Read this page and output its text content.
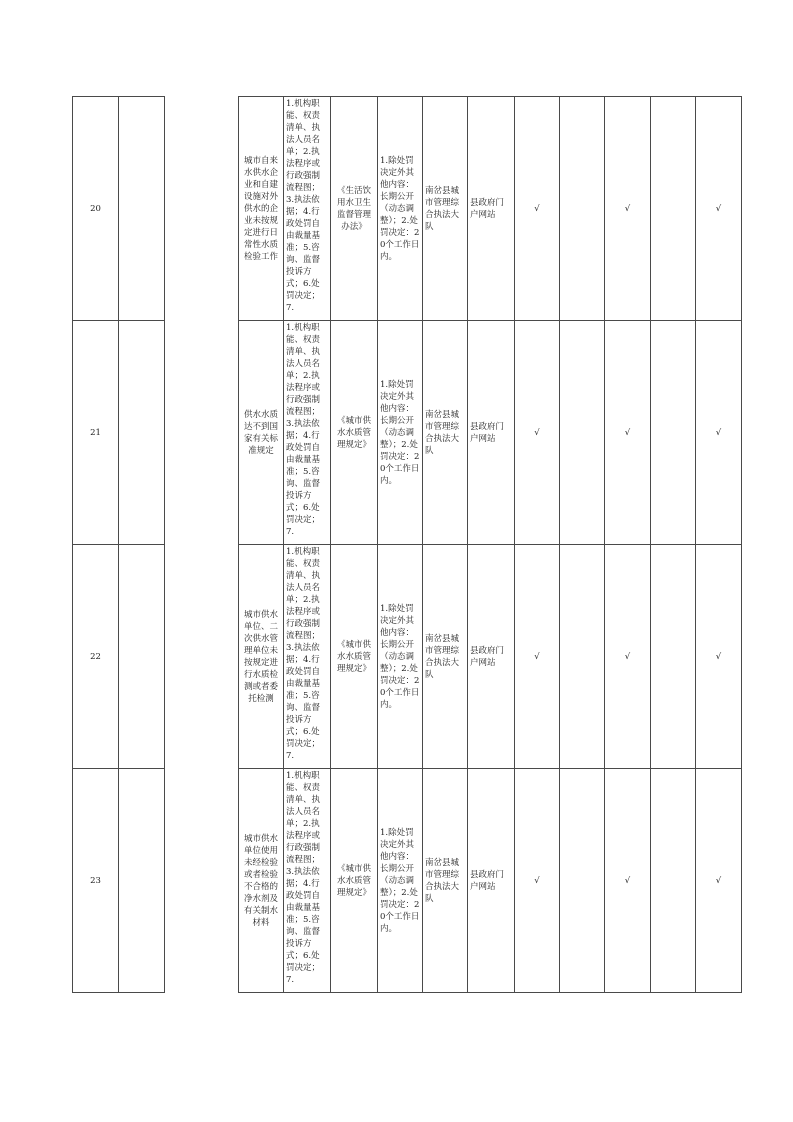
20			城市自来水供水企业和自建设施对外供水的企业未按规定进行日常性水质检验工作	1.机构职能、权责清单、执法人员名单；2.执法程序或行政强制流程图；3.执法依据；4.行政处罚自由裁量基准；5.咨询、监督投诉方式；6.处罚决定；7.	《生活饮用水卫生监督管理办法》	1.除处罚决定外其他内容：长期公开（动态调整）；2.处罚决定：20个工作日内。	南岔县城市管理综合执法大队	县政府门户网站	√		√		√
21			供水水质达不到国家有关标准规定	1.机构职能、权责清单、执法人员名单；2.执法程序或行政强制流程图；3.执法依据；4.行政处罚自由裁量基准；5.咨询、监督投诉方式；6.处罚决定；7.	《城市供水水质管理规定》	1.除处罚决定外其他内容：长期公开（动态调整）；2.处罚决定：20个工作日内。	南岔县城市管理综合执法大队	县政府门户网站	√		√		√
22			城市供水单位、二次供水管理单位未按规定进行水质检测或者委托检测	1.机构职能、权责清单、执法人员名单；2.执法程序或行政强制流程图；3.执法依据；4.行政处罚自由裁量基准；5.咨询、监督投诉方式；6.处罚决定；7.	《城市供水水质管理规定》	1.除处罚决定外其他内容：长期公开（动态调整）；2.处罚决定：20个工作日内。	南岔县城市管理综合执法大队	县政府门户网站	√		√		√
23			城市供水单位使用未经检验或者检验不合格的净水剂及有关制水材料	1.机构职能、权责清单、执法人员名单；2.执法程序或行政强制流程图；3.执法依据；4.行政处罚自由裁量基准；5.咨询、监督投诉方式；6.处罚决定；7.	《城市供水水质管理规定》	1.除处罚决定外其他内容：长期公开（动态调整）；2.处罚决定：20个工作日内。	南岔县城市管理综合执法大队	县政府门户网站	√		√		√
